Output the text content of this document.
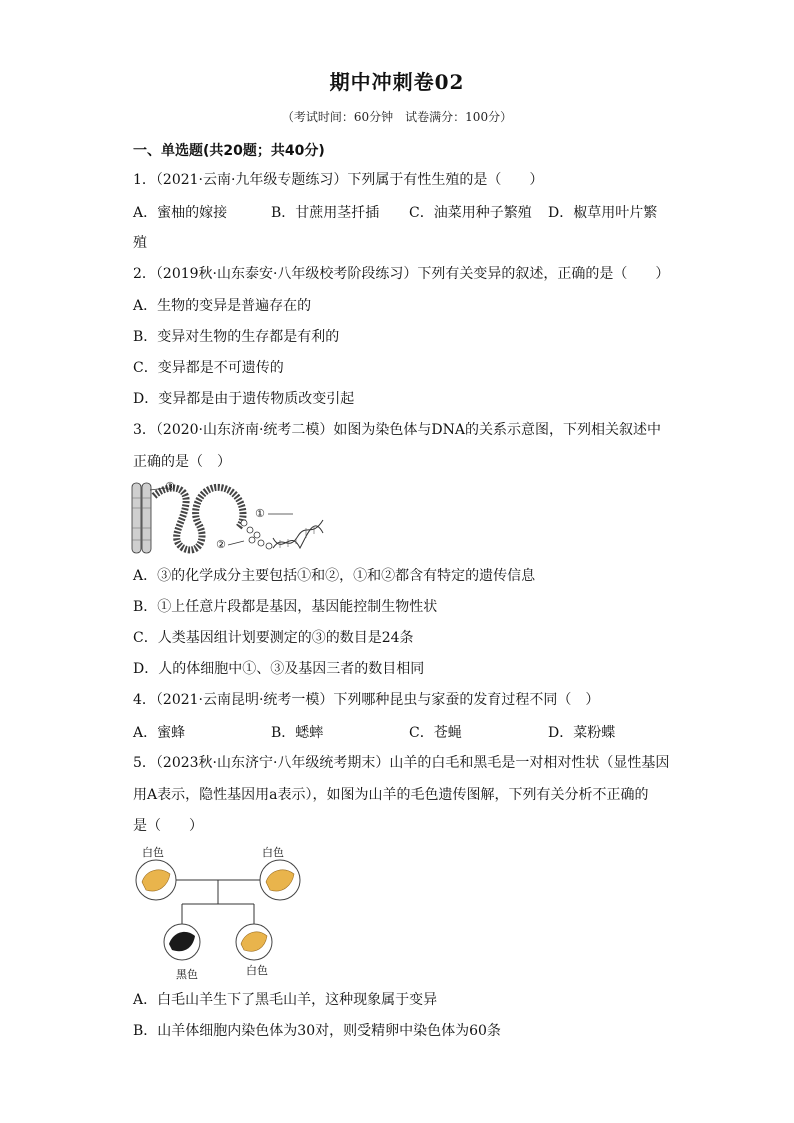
期中冲刺卷02
（考试时间：60分钟　试卷满分：100分）
一、单选题(共20题；共40分)
1．（2021·云南·九年级专题练习）下列属于有性生殖的是（　　）
A．蜜柚的嫁接	B．甘蔗用茎扦插 C．油菜用种子繁殖 D．椒草用叶片繁
殖
2．（2019秋·山东泰安·八年级校考阶段练习）下列有关变异的叙述，正确的是（　　）
A．生物的变异是普遍存在的
B．变异对生物的生存都是有利的
C．变异都是不可遗传的
D．变异都是由于遗传物质改变引起
3．（2020·山东济南·统考二模）如图为染色体与DNA的关系示意图，下列相关叙述中
正确的是（　）
③
①
②
A．③的化学成分主要包括①和②，①和②都含有特定的遗传信息
B．①上任意片段都是基因，基因能控制生物性状
C．人类基因组计划要测定的③的数目是24条
D．人的体细胞中①、③及基因三者的数目相同
4．（2021·云南昆明·统考一模）下列哪种昆虫与家蚕的发育过程不同（　）
A．蜜蜂	B．蟋蟀	C．苍蝇	D．菜粉蝶
5．（2023秋·山东济宁·八年级统考期末）山羊的白毛和黑毛是一对相对性状（显性基因
用A表示，隐性基因用a表示），如图为山羊的毛色遗传图解，下列有关分析不正确的
是（　　）
白色	白色
黑色	白色
A．白毛山羊生下了黑毛山羊，这种现象属于变异
B．山羊体细胞内染色体为30对，则受精卵中染色体为60条
